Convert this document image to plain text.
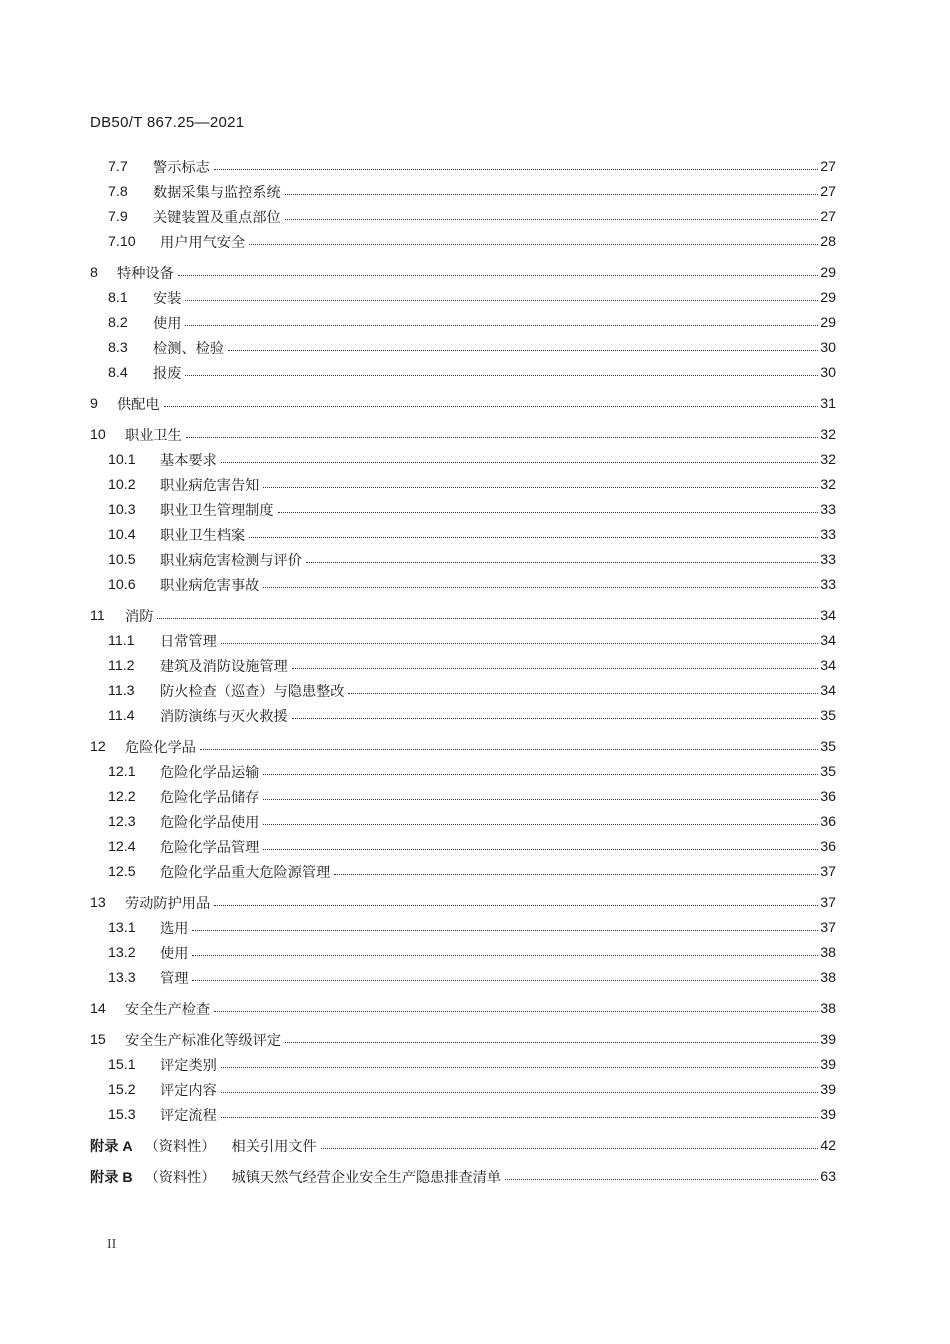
DB50/T 867.25—2021
7.7	警示标志	27
7.8	数据采集与监控系统	27
7.9	关键装置及重点部位	27
7.10	用户用气安全	28
8	特种设备	29
8.1	安装	29
8.2	使用	29
8.3	检测、检验	30
8.4	报废	30
9	供配电	31
10	职业卫生	32
10.1	基本要求	32
10.2	职业病危害告知	32
10.3	职业卫生管理制度	33
10.4	职业卫生档案	33
10.5	职业病危害检测与评价	33
10.6	职业病危害事故	33
11	消防	34
11.1	日常管理	34
11.2	建筑及消防设施管理	34
11.3	防火检查（巡查）与隐患整改	34
11.4	消防演练与灭火救援	35
12	危险化学品	35
12.1	危险化学品运输	35
12.2	危险化学品储存	36
12.3	危险化学品使用	36
12.4	危险化学品管理	36
12.5	危险化学品重大危险源管理	37
13	劳动防护用品	37
13.1	选用	37
13.2	使用	38
13.3	管理	38
14	安全生产检查	38
15	安全生产标准化等级评定	39
15.1	评定类别	39
15.2	评定内容	39
15.3	评定流程	39
附录 A （资料性） 相关引用文件	42
附录 B （资料性） 城镇天然气经营企业安全生产隐患排查清单	63
II
